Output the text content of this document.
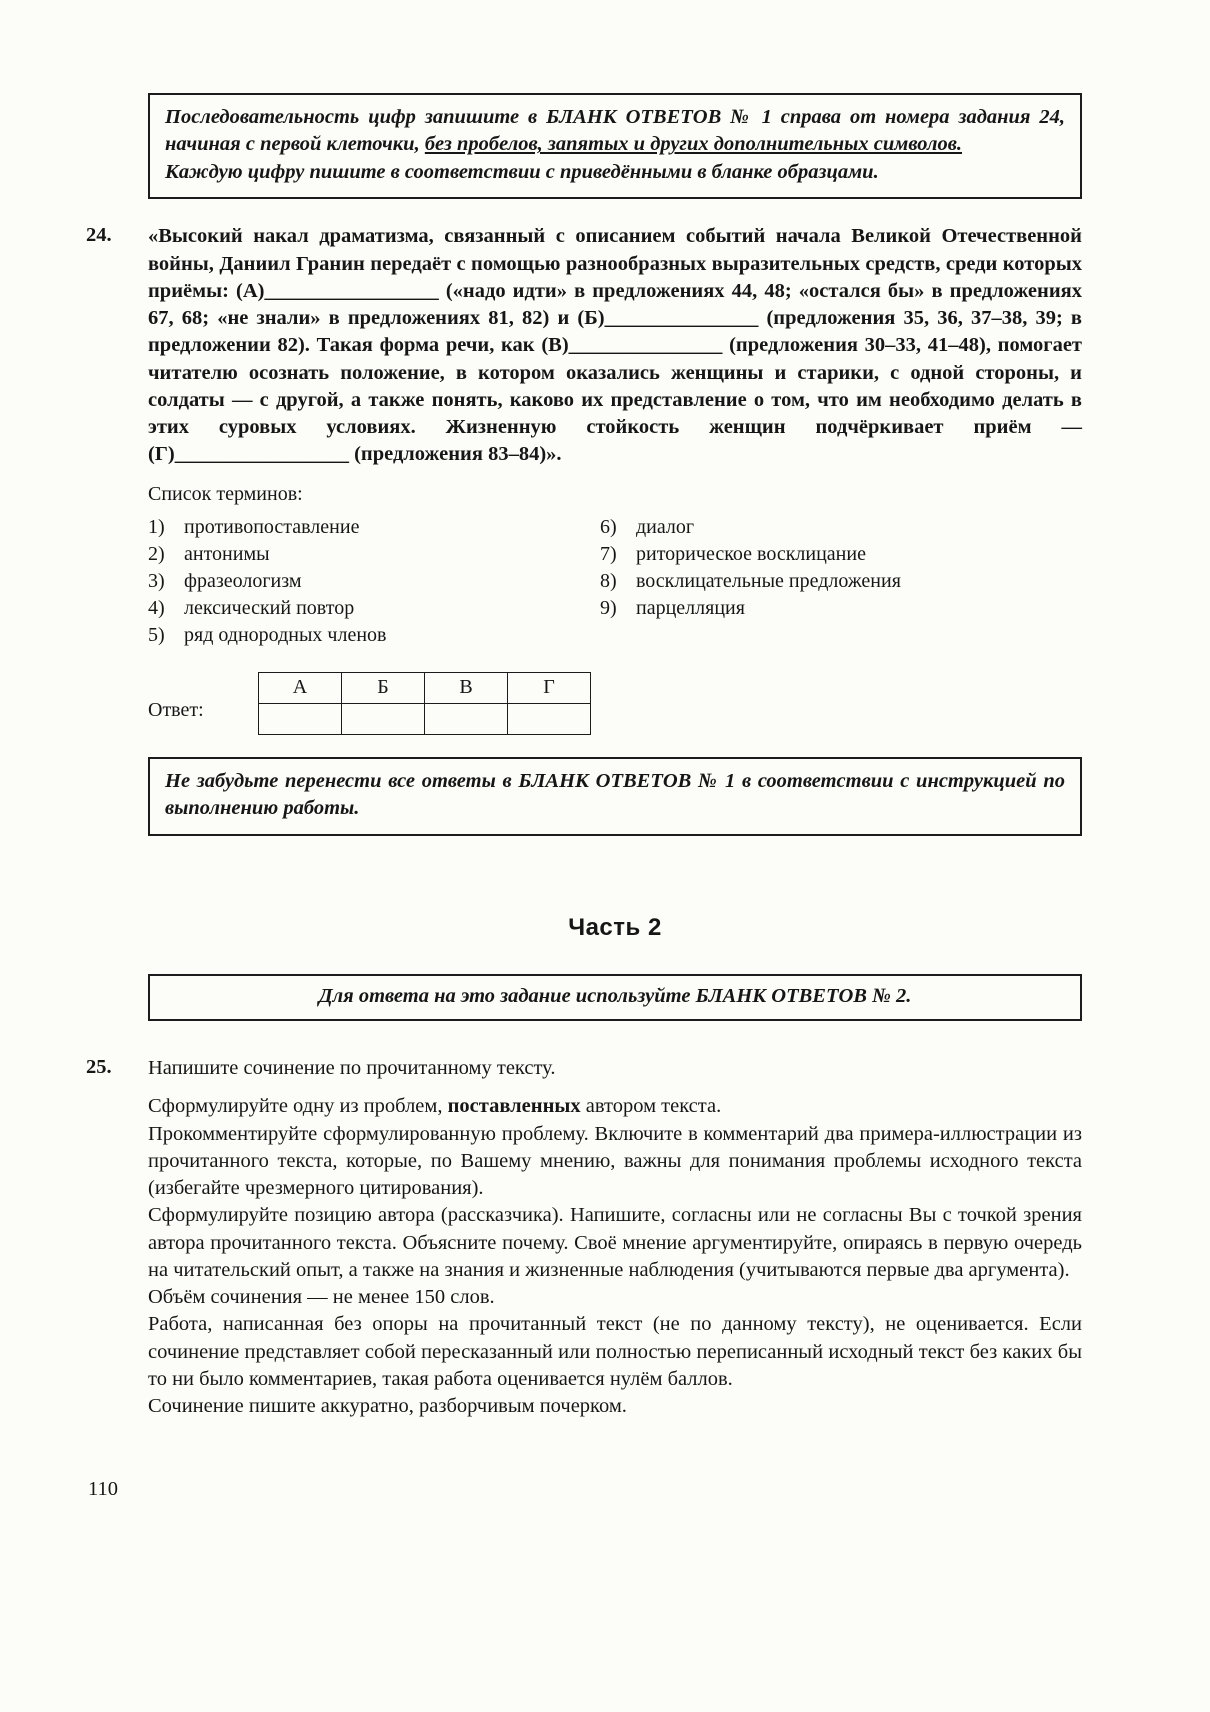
Последовательность цифр запишите в БЛАНК ОТВЕТОВ № 1 справа от номера задания 24, начиная с первой клеточки, без пробелов, запятых и других дополнительных символов.

Каждую цифру пишите в соответствии с приведёнными в бланке образцами.

24. «Высокий накал драматизма, связанный с описанием событий начала Великой Отечественной войны, Даниил Гранин передаёт с помощью разнообразных выразительных средств, среди которых приёмы: (А)_________________ («надо идти» в предложениях 44, 48; «остался бы» в предложениях 67, 68; «не знали» в предложениях 81, 82) и (Б)_______________ (предложения 35, 36, 37–38, 39; в предложении 82). Такая форма речи, как (В)_______________ (предложения 30–33, 41–48), помогает читателю осознать положение, в котором оказались женщины и старики, с одной стороны, и солдаты — с другой, а также понять, каково их представление о том, что им необходимо делать в этих суровых условиях. Жизненную стойкость женщин подчёркивает приём — (Г)_________________ (предложения 83–84)».

Список терминов:

1) противопоставление
2) антонимы
3) фразеологизм
4) лексический повтор
5) ряд однородных членов
6) диалог
7) риторическое восклицание
8) восклицательные предложения
9) парцелляция
Ответ:
А	Б	В	Г

Не забудьте перенести все ответы в БЛАНК ОТВЕТОВ № 1 в соответствии с инструкцией по выполнению работы.

Часть 2

Для ответа на это задание используйте БЛАНК ОТВЕТОВ № 2.

25. Напишите сочинение по прочитанному тексту.

Сформулируйте одну из проблем, поставленных автором текста.

Прокомментируйте сформулированную проблему. Включите в комментарий два примера-иллюстрации из прочитанного текста, которые, по Вашему мнению, важны для понимания проблемы исходного текста (избегайте чрезмерного цитирования).

Сформулируйте позицию автора (рассказчика). Напишите, согласны или не согласны Вы с точкой зрения автора прочитанного текста. Объясните почему. Своё мнение аргументируйте, опираясь в первую очередь на читательский опыт, а также на знания и жизненные наблюдения (учитываются первые два аргумента).

Объём сочинения — не менее 150 слов.

Работа, написанная без опоры на прочитанный текст (не по данному тексту), не оценивается. Если сочинение представляет собой пересказанный или полностью переписанный исходный текст без каких бы то ни было комментариев, такая работа оценивается нулём баллов.

Сочинение пишите аккуратно, разборчивым почерком.

110
